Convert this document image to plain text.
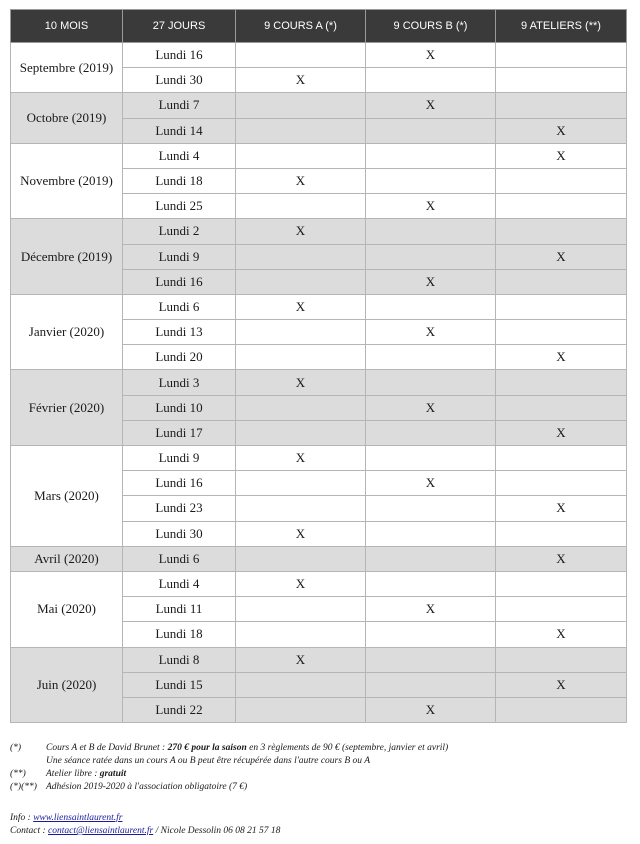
10 MOIS	27 JOURS	9 COURS A (*)	9 COURS B (*)	9 ATELIERS (**)
Septembre (2019)	Lundi 16		X	
	Lundi 30	X		
Octobre (2019)	Lundi 7		X	
	Lundi 14			X
Novembre (2019)	Lundi 4			X
	Lundi 18	X		
	Lundi 25		X	
Décembre (2019)	Lundi 2	X		
	Lundi 9			X
	Lundi 16		X	
Janvier (2020)	Lundi 6	X		
	Lundi 13		X	
	Lundi 20			X
Février (2020)	Lundi 3	X		
	Lundi 10		X	
	Lundi 17			X
Mars (2020)	Lundi 9	X		
	Lundi 16		X	
	Lundi 23			X
	Lundi 30	X		
Avril (2020)	Lundi 6			X
Mai (2020)	Lundi 4	X		
	Lundi 11		X	
	Lundi 18			X
Juin (2020)	Lundi 8	X		
	Lundi 15			X
	Lundi 22		X	
(*)	Cours A et B de David Brunet : 270 € pour la saison en 3 règlements de 90 € (septembre, janvier et avril)
Une séance ratée dans un cours A ou B peut être récupérée dans l'autre cours B ou A
(**)	Atelier libre : gratuit
(*)(**) Adhésion 2019-2020 à l'association obligatoire (7 €)
Info : www.liensaintlaurent.fr
Contact : contact@liensaintlaurent.fr / Nicole Dessolin 06 08 21 57 18
